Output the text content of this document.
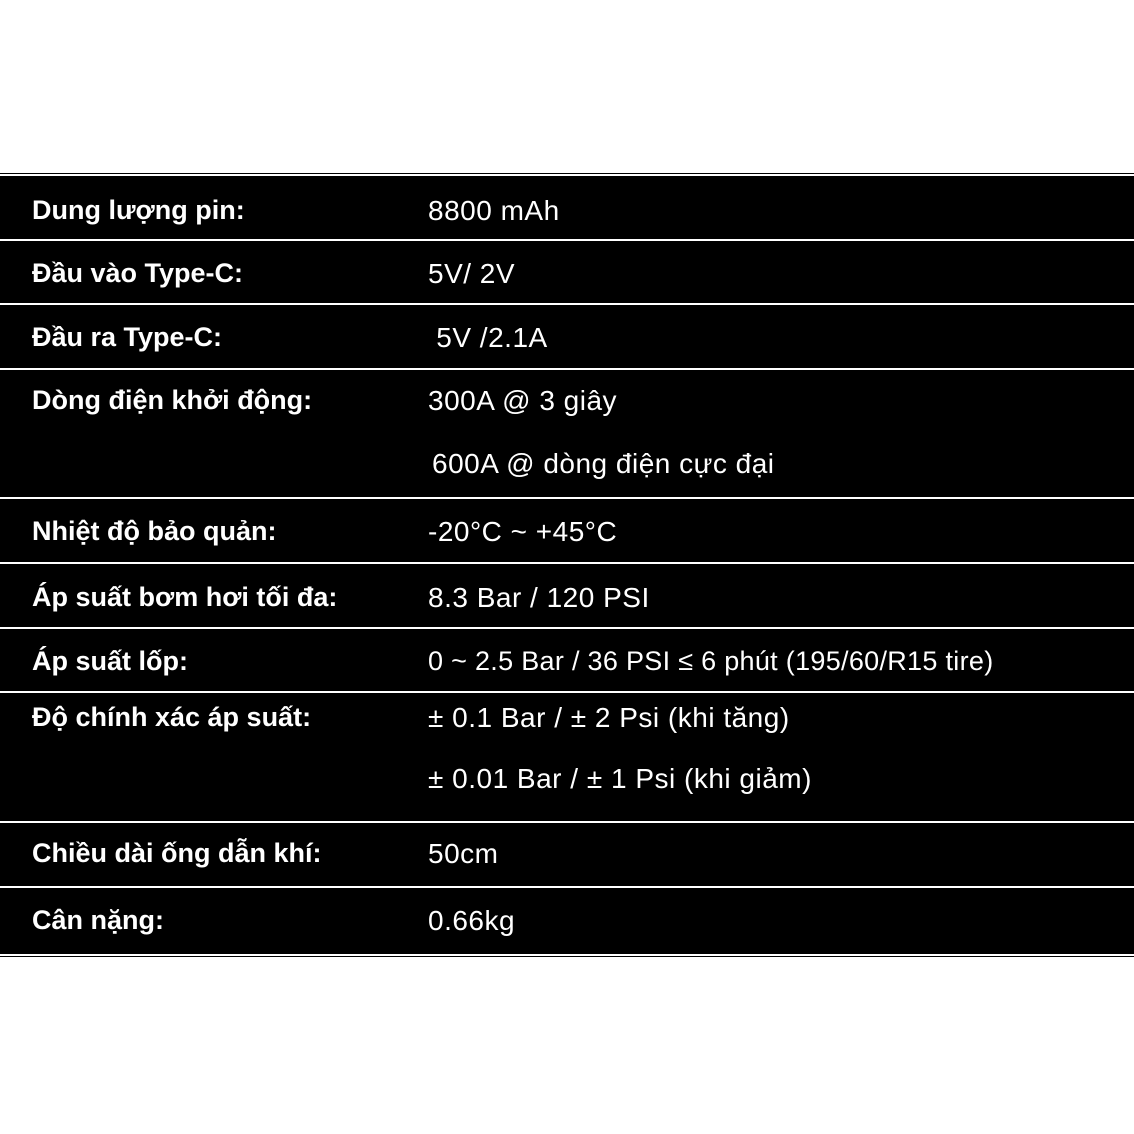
Dung lượng pin:	8800 mAh
Đầu vào Type-C:	5V/ 2V
Đầu ra Type-C:	5V /2.1A
Dòng điện khởi động:	300A @ 3 giây
600A @ dòng điện cực đại
Nhiệt độ bảo quản:	-20°C ~ +45°C
Áp suất bơm hơi tối đa:	8.3 Bar / 120 PSI
Áp suất lốp:	0 ~ 2.5 Bar / 36 PSI ≤ 6 phút (195/60/R15 tire)
Độ chính xác áp suất:	± 0.1 Bar / ± 2 Psi (khi tăng)
± 0.01 Bar / ± 1 Psi (khi giảm)
Chiều dài ống dẫn khí:	50cm
Cân nặng:	0.66kg
